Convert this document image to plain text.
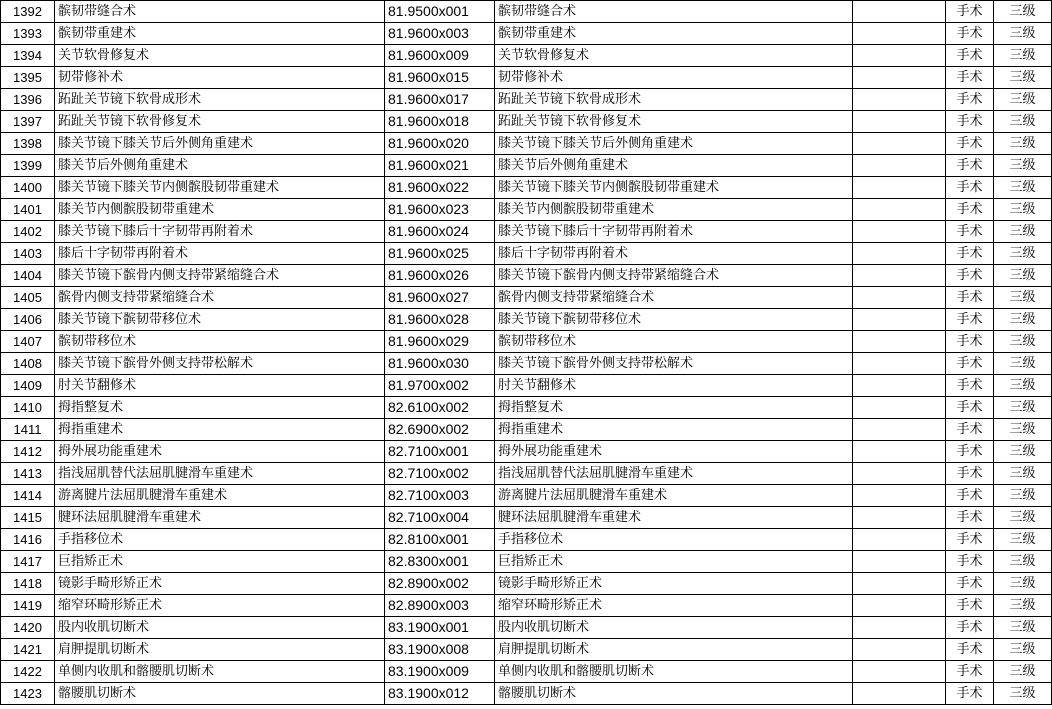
1392	髌韧带缝合术	81.9500x001	髌韧带缝合术		手术	三级
1393	髌韧带重建术	81.9600x003	髌韧带重建术		手术	三级
1394	关节软骨修复术	81.9600x009	关节软骨修复术		手术	三级
1395	韧带修补术	81.9600x015	韧带修补术		手术	三级
1396	跖趾关节镜下软骨成形术	81.9600x017	跖趾关节镜下软骨成形术		手术	三级
1397	跖趾关节镜下软骨修复术	81.9600x018	跖趾关节镜下软骨修复术		手术	三级
1398	膝关节镜下膝关节后外侧角重建术	81.9600x020	膝关节镜下膝关节后外侧角重建术		手术	三级
1399	膝关节后外侧角重建术	81.9600x021	膝关节后外侧角重建术		手术	三级
1400	膝关节镜下膝关节内侧髌股韧带重建术	81.9600x022	膝关节镜下膝关节内侧髌股韧带重建术		手术	三级
1401	膝关节内侧髌股韧带重建术	81.9600x023	膝关节内侧髌股韧带重建术		手术	三级
1402	膝关节镜下膝后十字韧带再附着术	81.9600x024	膝关节镜下膝后十字韧带再附着术		手术	三级
1403	膝后十字韧带再附着术	81.9600x025	膝后十字韧带再附着术		手术	三级
1404	膝关节镜下髌骨内侧支持带紧缩缝合术	81.9600x026	膝关节镜下髌骨内侧支持带紧缩缝合术		手术	三级
1405	髌骨内侧支持带紧缩缝合术	81.9600x027	髌骨内侧支持带紧缩缝合术		手术	三级
1406	膝关节镜下髌韧带移位术	81.9600x028	膝关节镜下髌韧带移位术		手术	三级
1407	髌韧带移位术	81.9600x029	髌韧带移位术		手术	三级
1408	膝关节镜下髌骨外侧支持带松解术	81.9600x030	膝关节镜下髌骨外侧支持带松解术		手术	三级
1409	肘关节翻修术	81.9700x002	肘关节翻修术		手术	三级
1410	拇指整复术	82.6100x002	拇指整复术		手术	三级
1411	拇指重建术	82.6900x002	拇指重建术		手术	三级
1412	拇外展功能重建术	82.7100x001	拇外展功能重建术		手术	三级
1413	指浅屈肌替代法屈肌腱滑车重建术	82.7100x002	指浅屈肌替代法屈肌腱滑车重建术		手术	三级
1414	游离腱片法屈肌腱滑车重建术	82.7100x003	游离腱片法屈肌腱滑车重建术		手术	三级
1415	腱环法屈肌腱滑车重建术	82.7100x004	腱环法屈肌腱滑车重建术		手术	三级
1416	手指移位术	82.8100x001	手指移位术		手术	三级
1417	巨指矫正术	82.8300x001	巨指矫正术		手术	三级
1418	镜影手畸形矫正术	82.8900x002	镜影手畸形矫正术		手术	三级
1419	缩窄环畸形矫正术	82.8900x003	缩窄环畸形矫正术		手术	三级
1420	股内收肌切断术	83.1900x001	股内收肌切断术		手术	三级
1421	肩胛提肌切断术	83.1900x008	肩胛提肌切断术		手术	三级
1422	单侧内收肌和髂腰肌切断术	83.1900x009	单侧内收肌和髂腰肌切断术		手术	三级
1423	髂腰肌切断术	83.1900x012	髂腰肌切断术		手术	三级
